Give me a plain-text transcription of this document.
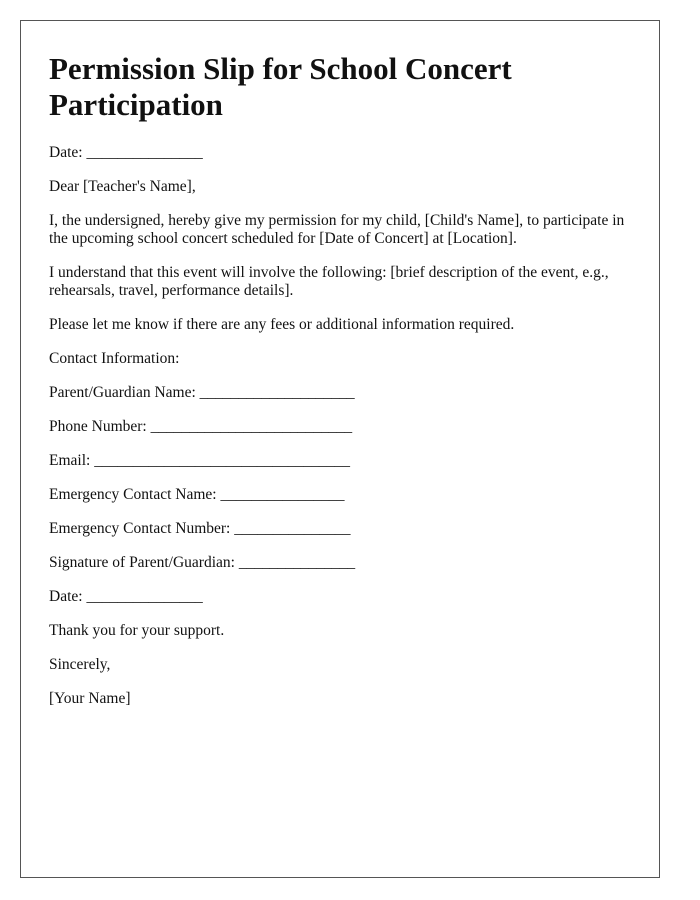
Permission Slip for School Concert Participation

Date: _______________

Dear [Teacher's Name],

I, the undersigned, hereby give my permission for my child, [Child's Name], to participate in the upcoming school concert scheduled for [Date of Concert] at [Location].

I understand that this event will involve the following: [brief description of the event, e.g., rehearsals, travel, performance details].

Please let me know if there are any fees or additional information required.

Contact Information:

Parent/Guardian Name: ____________________

Phone Number: __________________________

Email: _________________________________

Emergency Contact Name: ________________

Emergency Contact Number: _______________

Signature of Parent/Guardian: _______________

Date: _______________

Thank you for your support.

Sincerely,

[Your Name]
